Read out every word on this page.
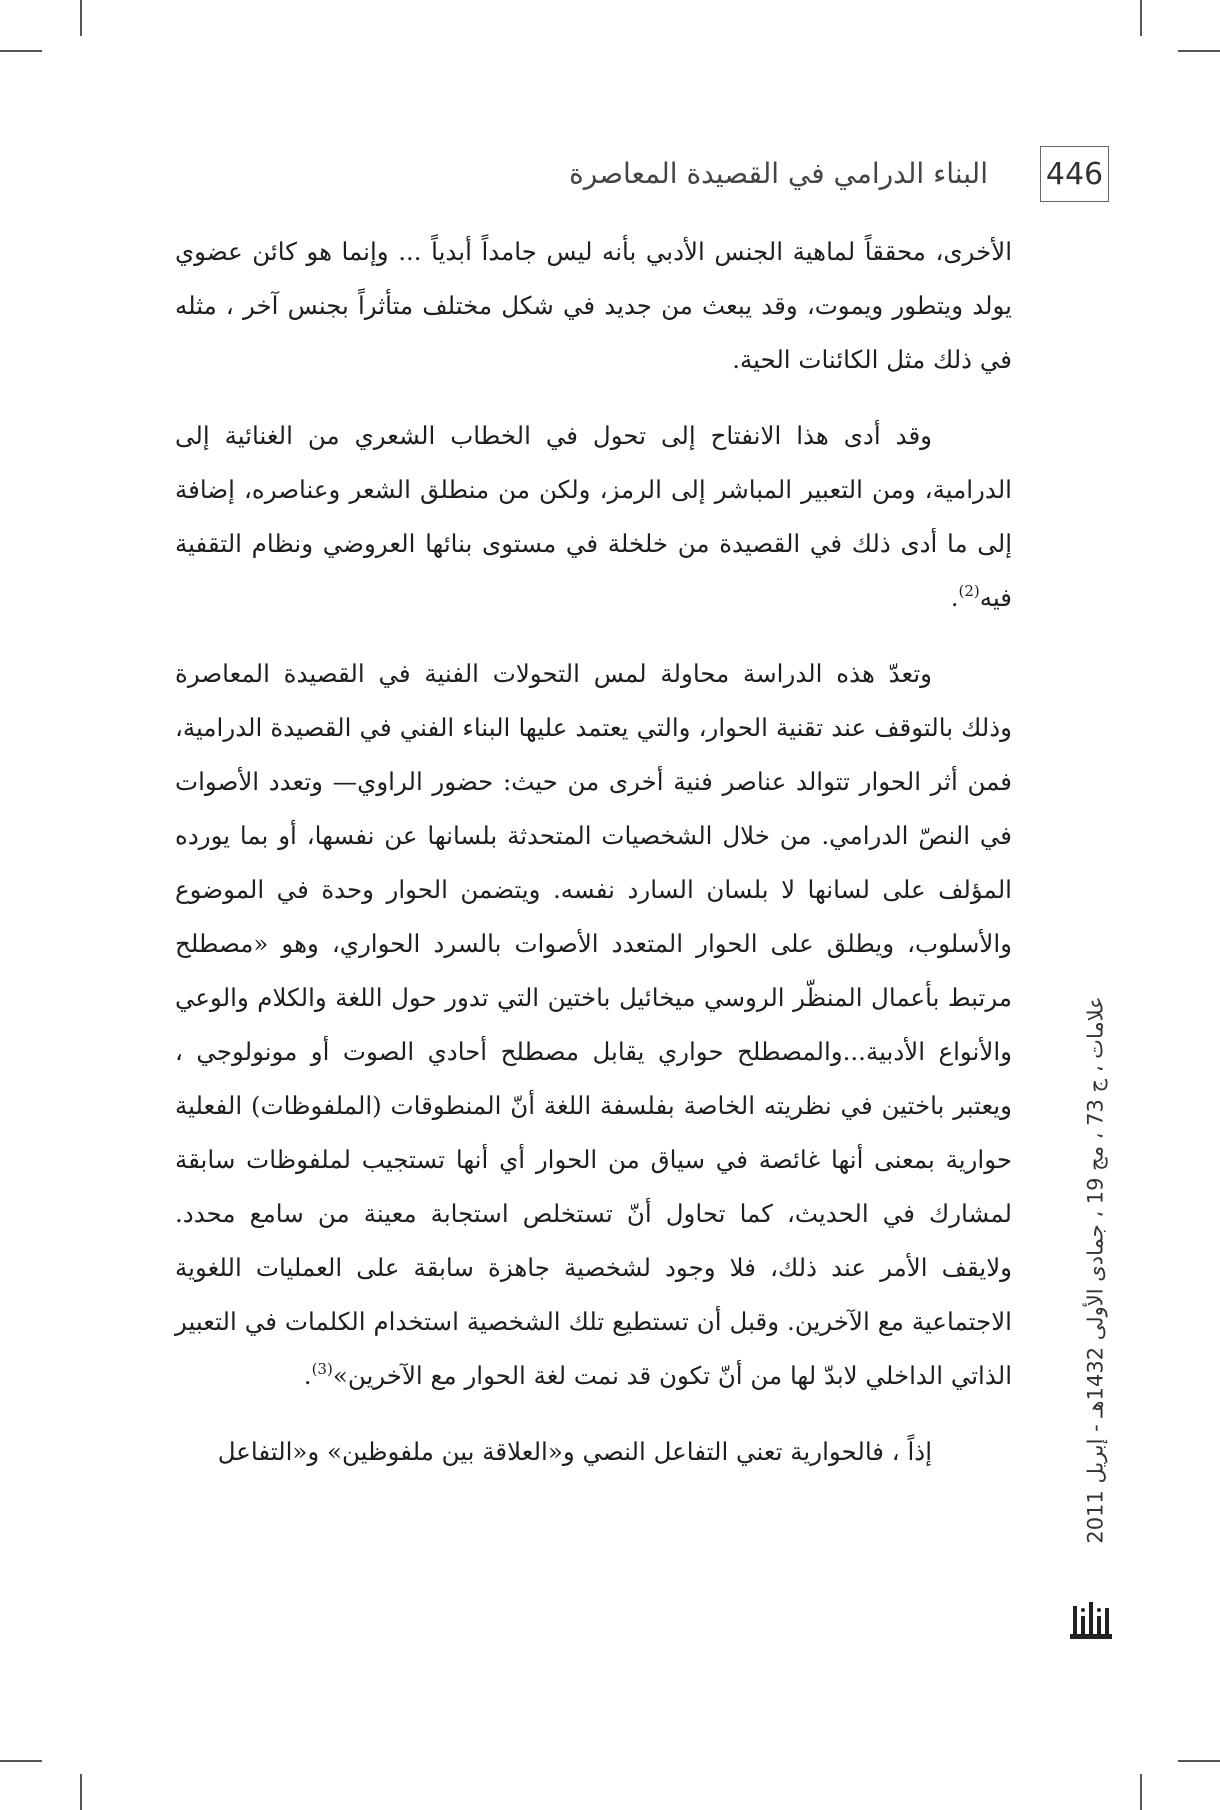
446
البناء الدرامي في القصيدة المعاصرة

الأخرى، محققاً لماهية الجنس الأدبي بأنه ليس جامداً أبدياً ... وإنما هو كائن عضوي يولد ويتطور ويموت، وقد يبعث من جديد في شكل مختلف متأثراً بجنس آخر ، مثله في ذلك مثل الكائنات الحية.

وقد أدى هذا الانفتاح إلى تحول في الخطاب الشعري من الغنائية إلى الدرامية، ومن التعبير المباشر إلى الرمز، ولكن من منطلق الشعر وعناصره، إضافة إلى ما أدى ذلك في القصيدة من خلخلة في مستوى بنائها العروضي ونظام التقفية فيه$^{(2)}$.

وتعدّ هذه الدراسة محاولة لمس التحولات الفنية في القصيدة المعاصرة وذلك بالتوقف عند تقنية الحوار، والتي يعتمد عليها البناء الفني في القصيدة الدرامية، فمن أثر الحوار تتوالد عناصر فنية أخرى من حيث: حضور الراوي— وتعدد الأصوات في النصّ الدرامي. من خلال الشخصيات المتحدثة بلسانها عن نفسها، أو بما يورده المؤلف على لسانها لا بلسان السارد نفسه. ويتضمن الحوار وحدة في الموضوع والأسلوب، ويطلق على الحوار المتعدد الأصوات بالسرد الحواري، وهو «مصطلح مرتبط بأعمال المنظّر الروسي ميخائيل باختين التي تدور حول اللغة والكلام والوعي والأنواع الأدبية...والمصطلح حواري يقابل مصطلح أحادي الصوت أو مونولوجي ، ويعتبر باختين في نظريته الخاصة بفلسفة اللغة أنّ المنطوقات (الملفوظات) الفعلية حوارية بمعنى أنها غائصة في سياق من الحوار أي أنها تستجيب لملفوظات سابقة لمشارك في الحديث، كما تحاول أنّ تستخلص استجابة معينة من سامع محدد. ولايقف الأمر عند ذلك، فلا وجود لشخصية جاهزة سابقة على العمليات اللغوية الاجتماعية مع الآخرين. وقبل أن تستطيع تلك الشخصية استخدام الكلمات في التعبير الذاتي الداخلي لابدّ لها من أنّ تكون قد نمت لغة الحوار مع الآخرين»$^{(3)}$.

إذاً ، فالحوارية تعني التفاعل النصي و«العلاقة بين ملفوظين» و«التفاعل

علامات ، ج 73 ، مج 19 ، جمادى الأولى 1432هـ - إبريل 2011
